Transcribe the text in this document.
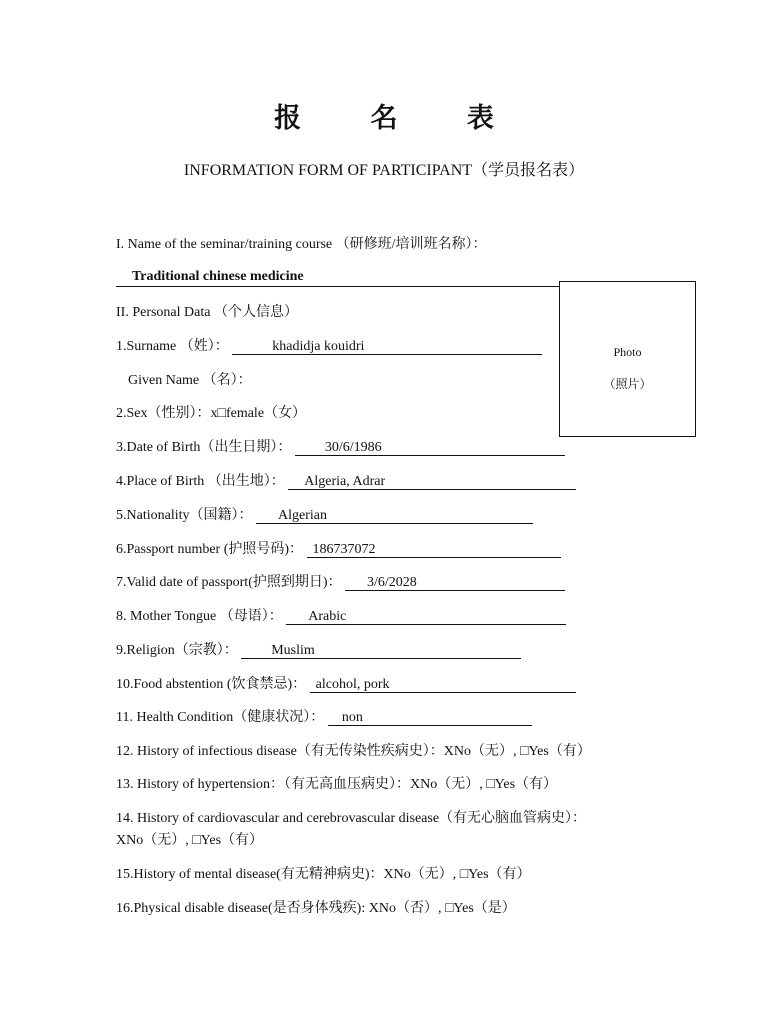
报 名 表
INFORMATION FORM OF PARTICIPANT（学员报名表）
I. Name of the seminar/training course （研修班/培训班名称）：
Traditional chinese medicine
II. Personal Data （个人信息）
Photo
（照片）
1.Surname （姓）：	khadidja kouidri
Given Name （名）：
2.Sex（性别）：x□female（女）
3.Date of Birth（出生日期）： 30/6/1986
4.Place of Birth （出生地）： Algeria, Adrar
5.Nationality（国籍）： Algerian
6.Passport number (护照号码)： 186737072
7.Valid date of passport(护照到期日)： 3/6/2028
8. Mother Tongue （母语）： Arabic
9.Religion（宗教）： Muslim
10.Food abstention (饮食禁忌)： alcohol, pork
11. Health Condition（健康状况）： non
12. History of infectious disease（有无传染性疾病史）：XNo（无）, □Yes（有）
13. History of hypertension：（有无高血压病史）：XNo（无）, □Yes（有）
14. History of cardiovascular and cerebrovascular disease（有无心脑血管病史）：
XNo（无）, □Yes（有）
15.History of mental disease(有无精神病史)：XNo（无）, □Yes（有）
16.Physical disable disease(是否身体残疾): XNo（否）, □Yes（是）
